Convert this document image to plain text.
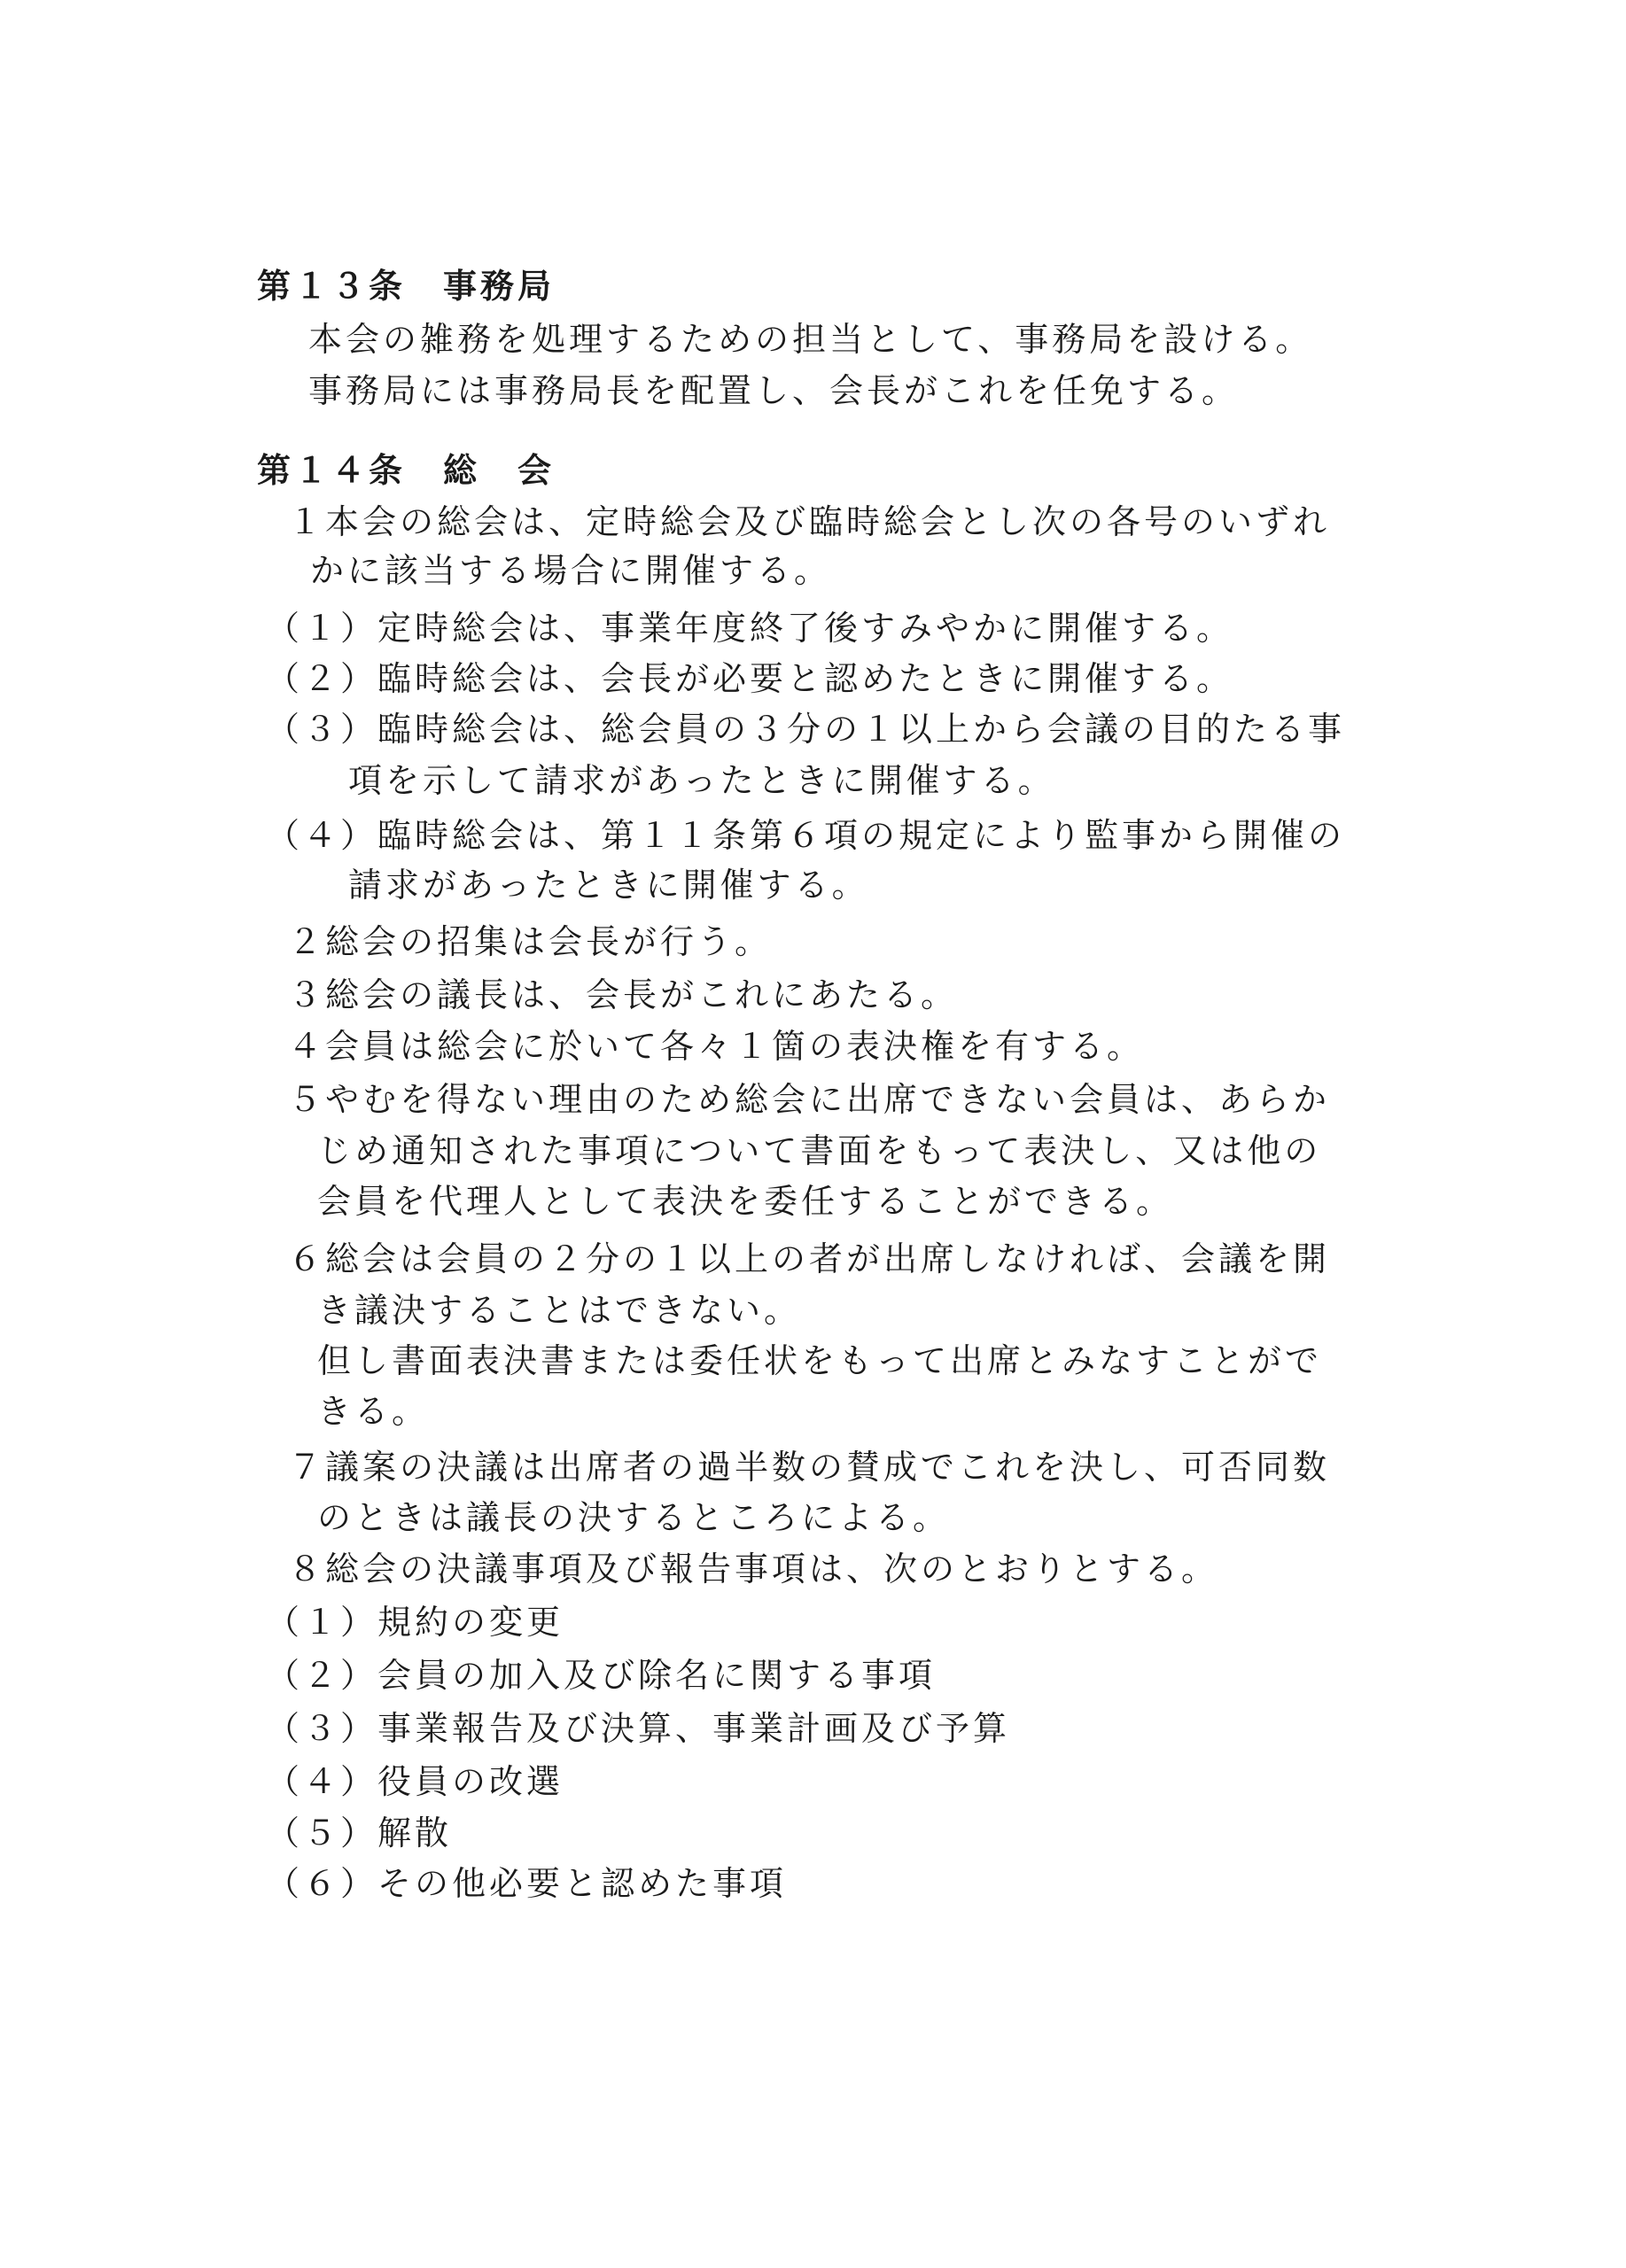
第１３条　事務局
本会の雑務を処理するための担当として、事務局を設ける。
事務局には事務局長を配置し、会長がこれを任免する。
第１４条　総　会
１本会の総会は、定時総会及び臨時総会とし次の各号のいずれ
かに該当する場合に開催する。
（１）定時総会は、事業年度終了後すみやかに開催する。
（２）臨時総会は、会長が必要と認めたときに開催する。
（３）臨時総会は、総会員の３分の１以上から会議の目的たる事
項を示して請求があったときに開催する。
（４）臨時総会は、第１１条第６項の規定により監事から開催の
請求があったときに開催する。
２総会の招集は会長が行う。
３総会の議長は、会長がこれにあたる。
４会員は総会に於いて各々１箇の表決権を有する。
５やむを得ない理由のため総会に出席できない会員は、あらか
じめ通知された事項について書面をもって表決し、又は他の
会員を代理人として表決を委任することができる。
６総会は会員の２分の１以上の者が出席しなければ、会議を開
き議決することはできない。
但し書面表決書または委任状をもって出席とみなすことがで
きる。
７議案の決議は出席者の過半数の賛成でこれを決し、可否同数
のときは議長の決するところによる。
８総会の決議事項及び報告事項は、次のとおりとする。
（１）規約の変更
（２）会員の加入及び除名に関する事項
（３）事業報告及び決算、事業計画及び予算
（４）役員の改選
（５）解散
（６）その他必要と認めた事項
